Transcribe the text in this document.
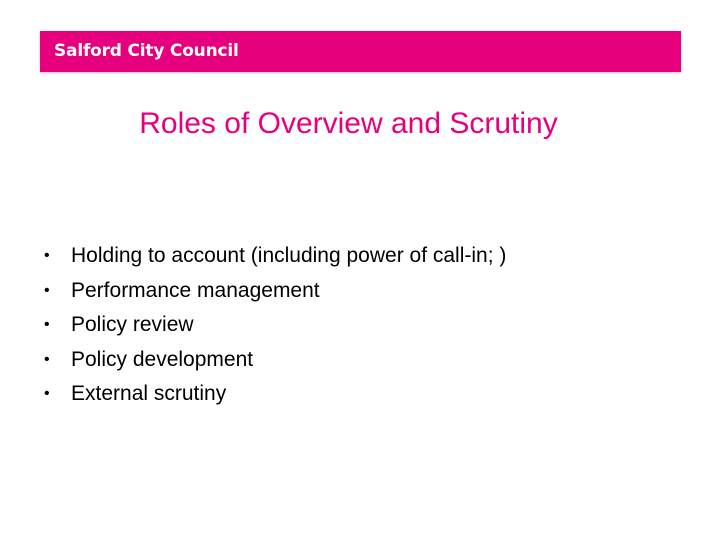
Salford City Council
Roles of Overview and Scrutiny
• Holding to account (including power of call-in; )
• Performance management
• Policy review
• Policy development
• External scrutiny
